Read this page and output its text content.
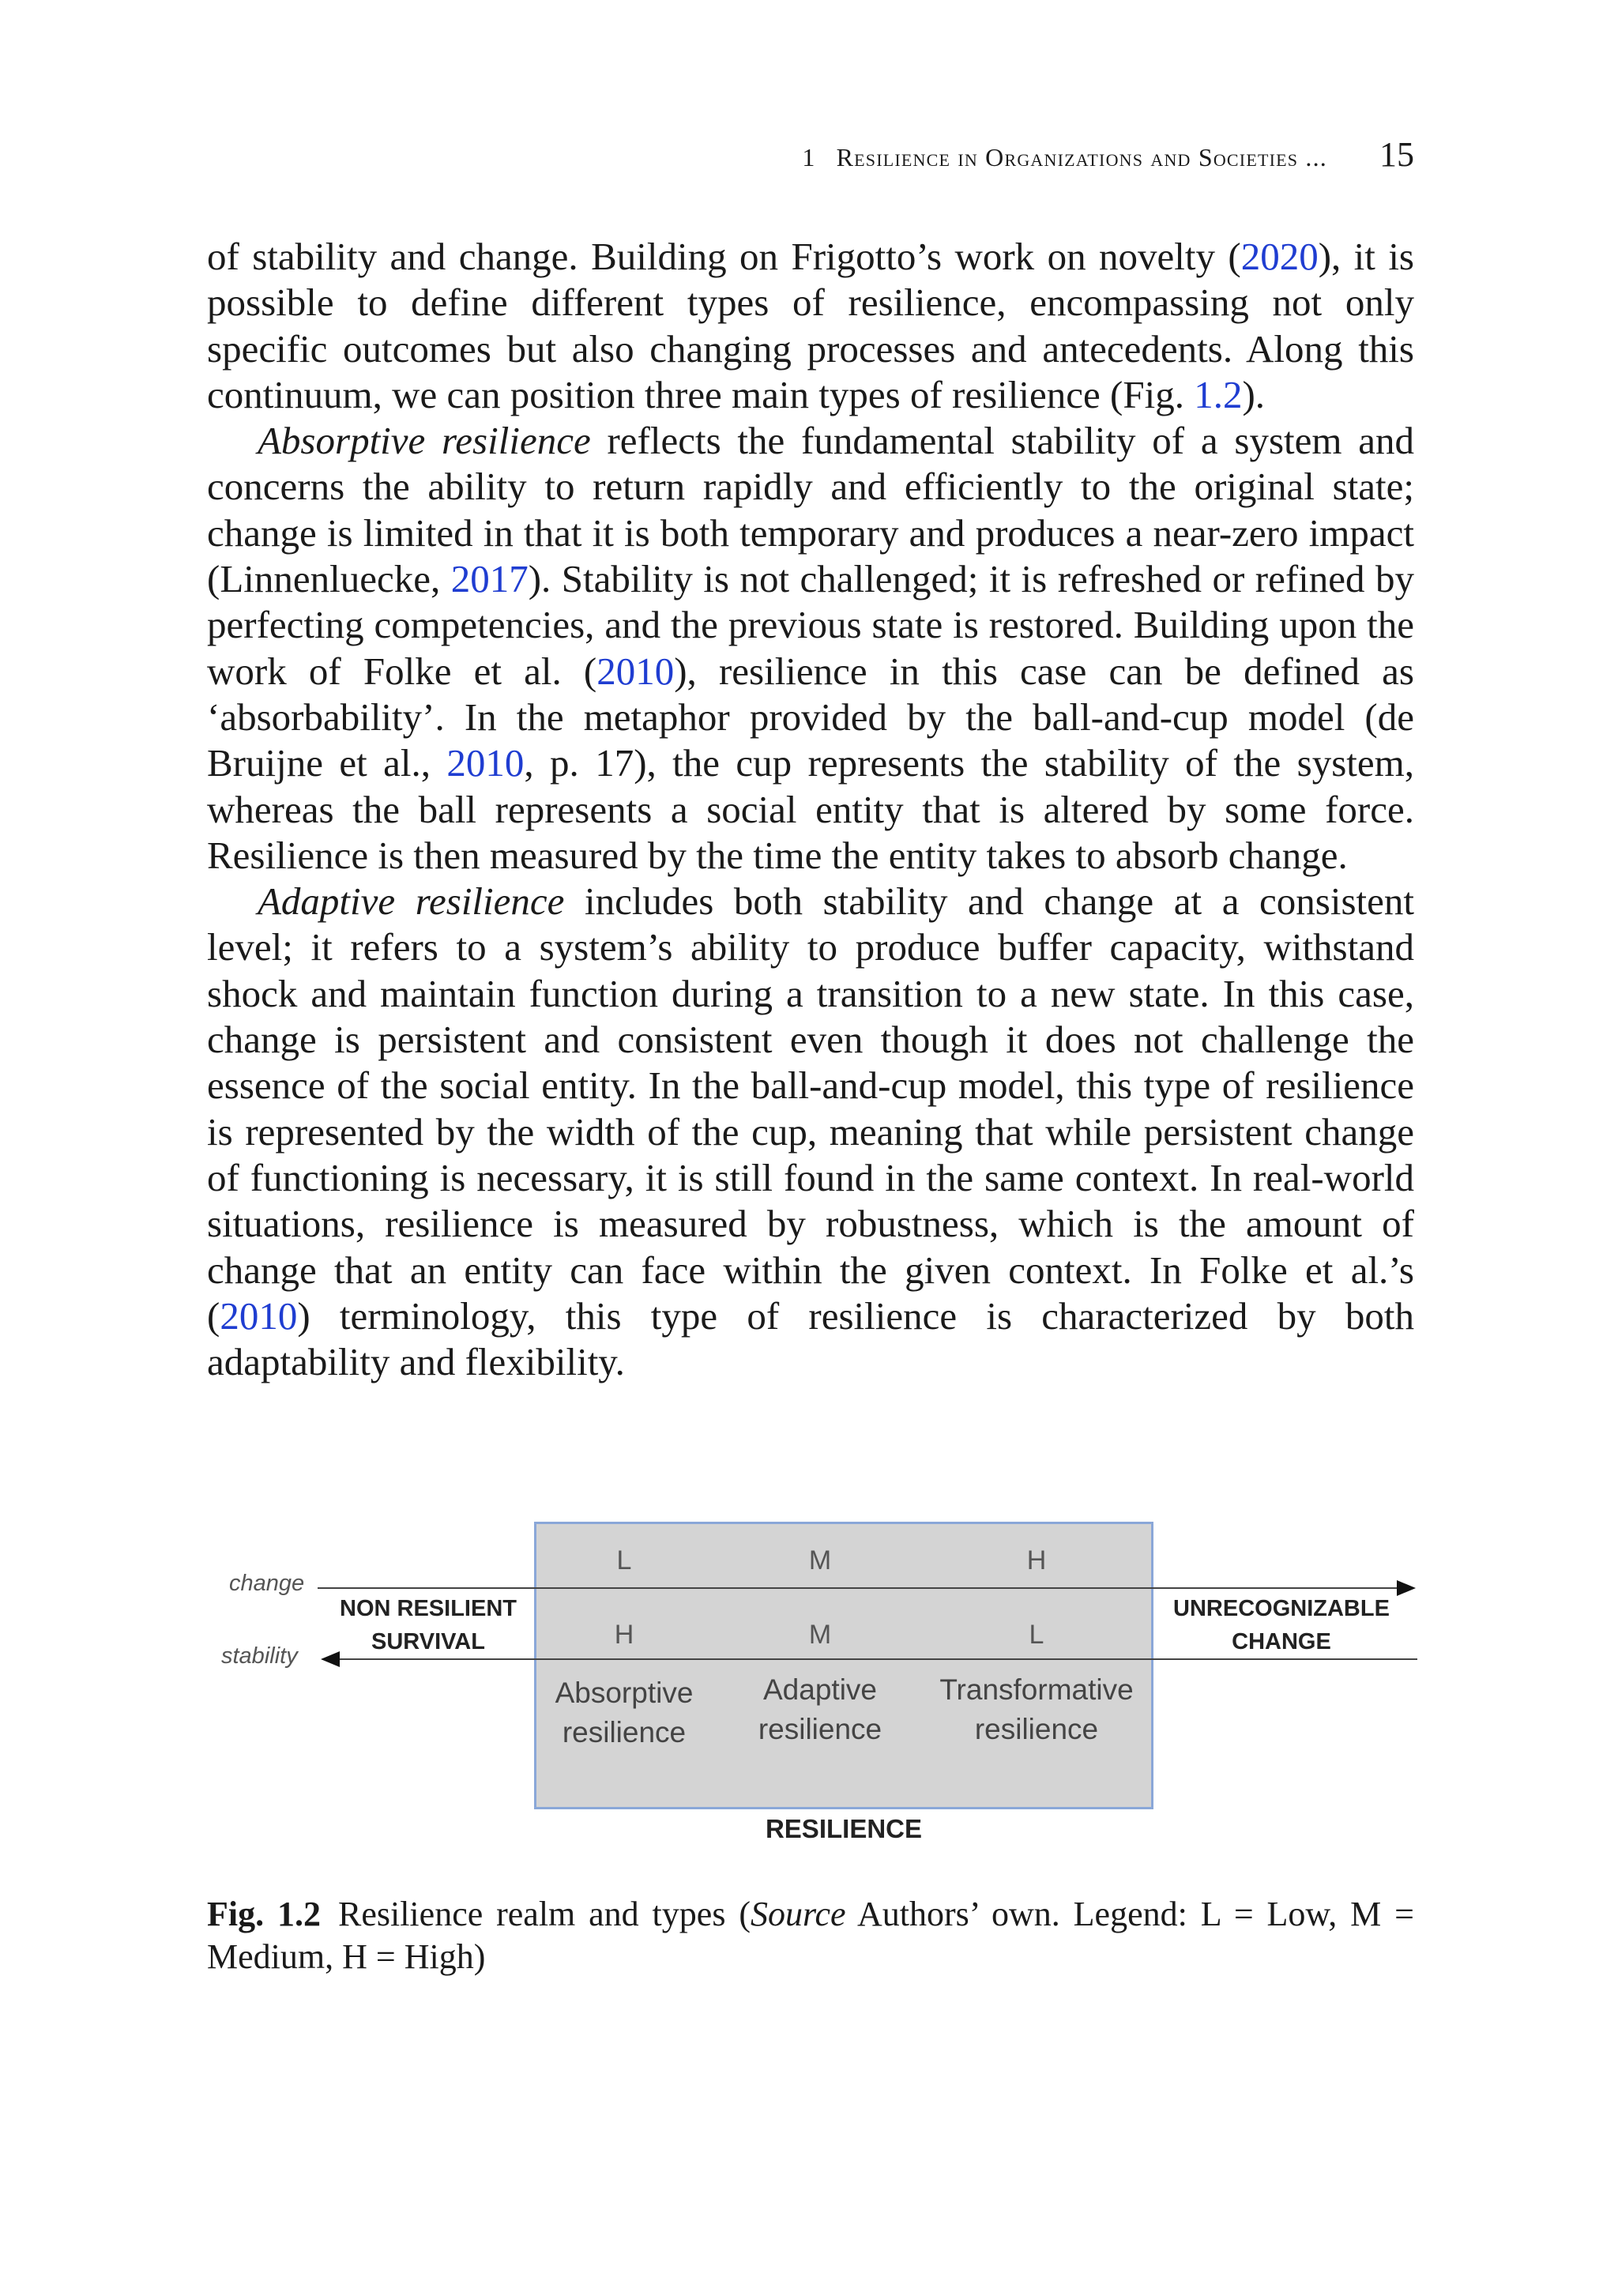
1 Resilience in Organizations and Societies ... 15

of stability and change. Building on Frigotto’s work on novelty (2020), it is possible to define different types of resilience, encompassing not only specific outcomes but also changing processes and antecedents. Along this continuum, we can position three main types of resilience (Fig. 1.2).

Absorptive resilience reflects the fundamental stability of a system and concerns the ability to return rapidly and efficiently to the original state; change is limited in that it is both temporary and produces a near-zero impact (Linnenluecke, 2017). Stability is not challenged; it is refreshed or refined by perfecting competencies, and the previous state is restored. Building upon the work of Folke et al. (2010), resilience in this case can be defined as ‘absorbability’. In the metaphor provided by the ball-and-cup model (de Bruijne et al., 2010, p. 17), the cup represents the stability of the system, whereas the ball represents a social entity that is altered by some force. Resilience is then measured by the time the entity takes to absorb change.

Adaptive resilience includes both stability and change at a consistent level; it refers to a system’s ability to produce buffer capacity, withstand shock and maintain function during a transition to a new state. In this case, change is persistent and consistent even though it does not challenge the essence of the social entity. In the ball-and-cup model, this type of resilience is represented by the width of the cup, meaning that while persistent change of functioning is necessary, it is still found in the same context. In real-world situations, resilience is measured by robustness, which is the amount of change that an entity can face within the given context. In Folke et al.’s (2010) terminology, this type of resilience is characterized by both adaptability and flexibility.

change
stability
NON RESILIENT
SURVIVAL
UNRECOGNIZABLE
CHANGE
L	M	H
H	M	L
Absorptive
resilience
Adaptive
resilience
Transformative
resilience
RESILIENCE
Fig. 1.2 Resilience realm and types (Source Authors’ own. Legend: L = Low, M = Medium, H = High)
